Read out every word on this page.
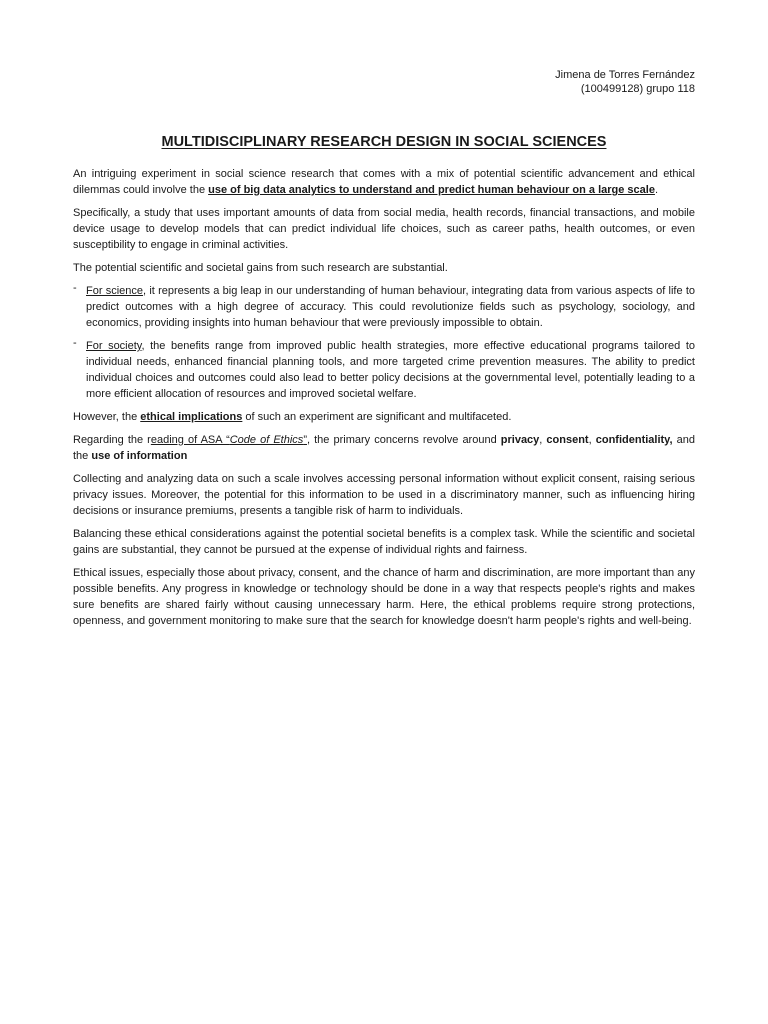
Jimena de Torres Fernández
(100499128) grupo 118
MULTIDISCIPLINARY RESEARCH DESIGN IN SOCIAL SCIENCES

An intriguing experiment in social science research that comes with a mix of potential scientific advancement and ethical dilemmas could involve the use of big data analytics to understand and predict human behaviour on a large scale.

Specifically, a study that uses important amounts of data from social media, health records, financial transactions, and mobile device usage to develop models that can predict individual life choices, such as career paths, health outcomes, or even susceptibility to engage in criminal activities.

The potential scientific and societal gains from such research are substantial.

- For science, it represents a big leap in our understanding of human behaviour, integrating data from various aspects of life to predict outcomes with a high degree of accuracy. This could revolutionize fields such as psychology, sociology, and economics, providing insights into human behaviour that were previously impossible to obtain.
- For society, the benefits range from improved public health strategies, more effective educational programs tailored to individual needs, enhanced financial planning tools, and more targeted crime prevention measures. The ability to predict individual choices and outcomes could also lead to better policy decisions at the governmental level, potentially leading to a more efficient allocation of resources and improved societal welfare.

However, the ethical implications of such an experiment are significant and multifaceted.

Regarding the reading of ASA “Code of Ethics”, the primary concerns revolve around privacy, consent, confidentiality, and the use of information

Collecting and analyzing data on such a scale involves accessing personal information without explicit consent, raising serious privacy issues. Moreover, the potential for this information to be used in a discriminatory manner, such as influencing hiring decisions or insurance premiums, presents a tangible risk of harm to individuals.

Balancing these ethical considerations against the potential societal benefits is a complex task. While the scientific and societal gains are substantial, they cannot be pursued at the expense of individual rights and fairness.

Ethical issues, especially those about privacy, consent, and the chance of harm and discrimination, are more important than any possible benefits. Any progress in knowledge or technology should be done in a way that respects people's rights and makes sure benefits are shared fairly without causing unnecessary harm. Here, the ethical problems require strong protections, openness, and government monitoring to make sure that the search for knowledge doesn't harm people's rights and well-being.
